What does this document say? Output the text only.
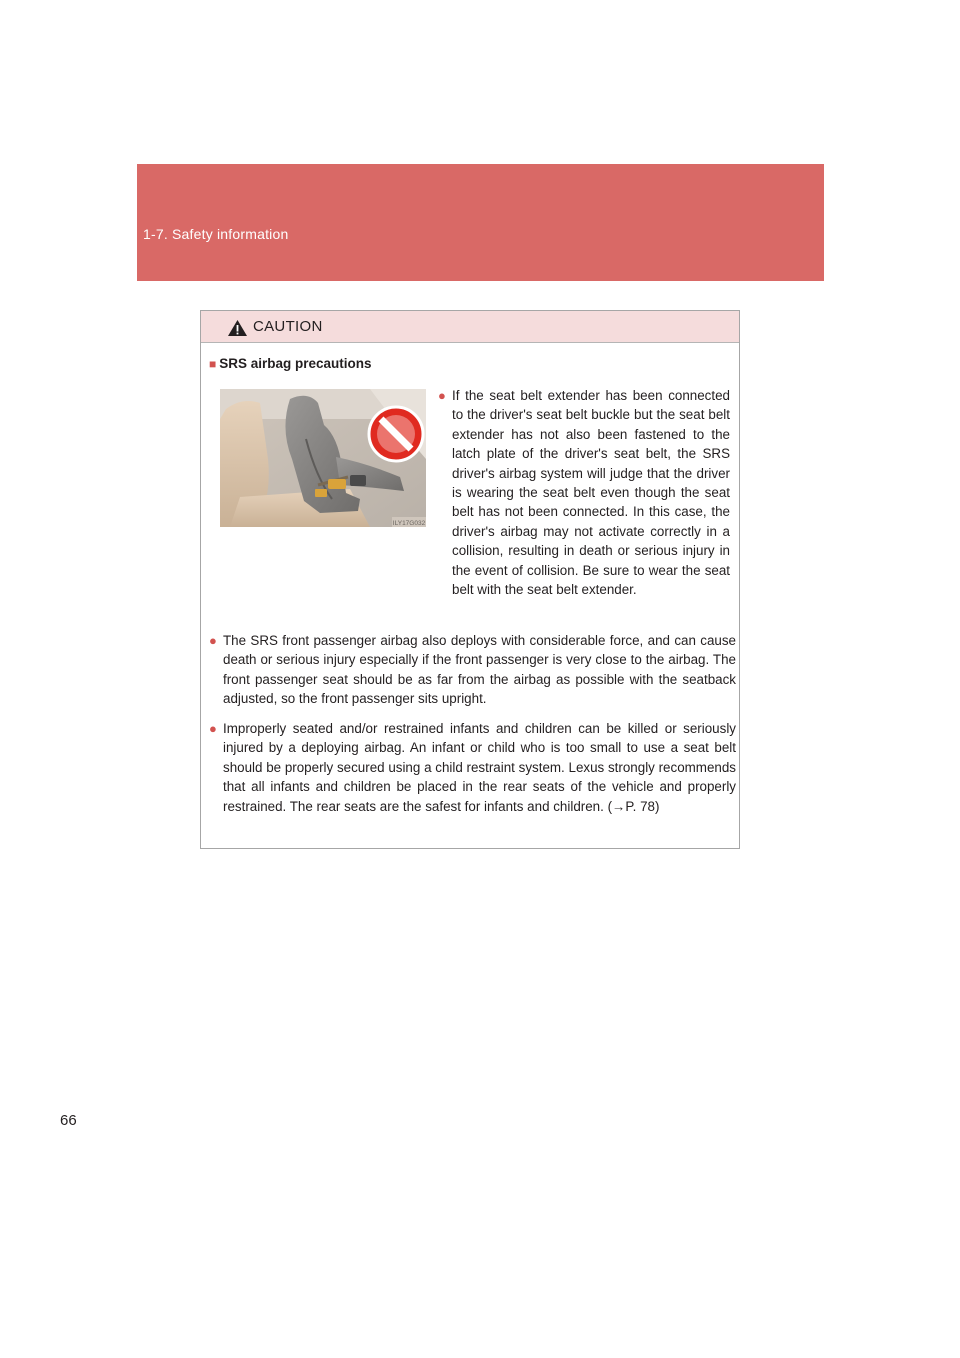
1-7. Safety information
CAUTION
■ SRS airbag precautions
ILY17G032
● If the seat belt extender has been connected to the driver's seat belt buckle but the seat belt extender has not also been fastened to the latch plate of the driver's seat belt, the SRS driver's airbag system will judge that the driver is wearing the seat belt even though the seat belt has not been connected. In this case, the driver's airbag may not activate correctly in a collision, resulting in death or serious injury in the event of collision. Be sure to wear the seat belt with the seat belt extender.
● The SRS front passenger airbag also deploys with considerable force, and can cause death or serious injury especially if the front passenger is very close to the airbag. The front passenger seat should be as far from the airbag as possible with the seatback adjusted, so the front passenger sits upright.
● Improperly seated and/or restrained infants and children can be killed or seriously injured by a deploying airbag. An infant or child who is too small to use a seat belt should be properly secured using a child restraint system. Lexus strongly recommends that all infants and children be placed in the rear seats of the vehicle and properly restrained. The rear seats are the safest for infants and children. (→P. 78)
66
